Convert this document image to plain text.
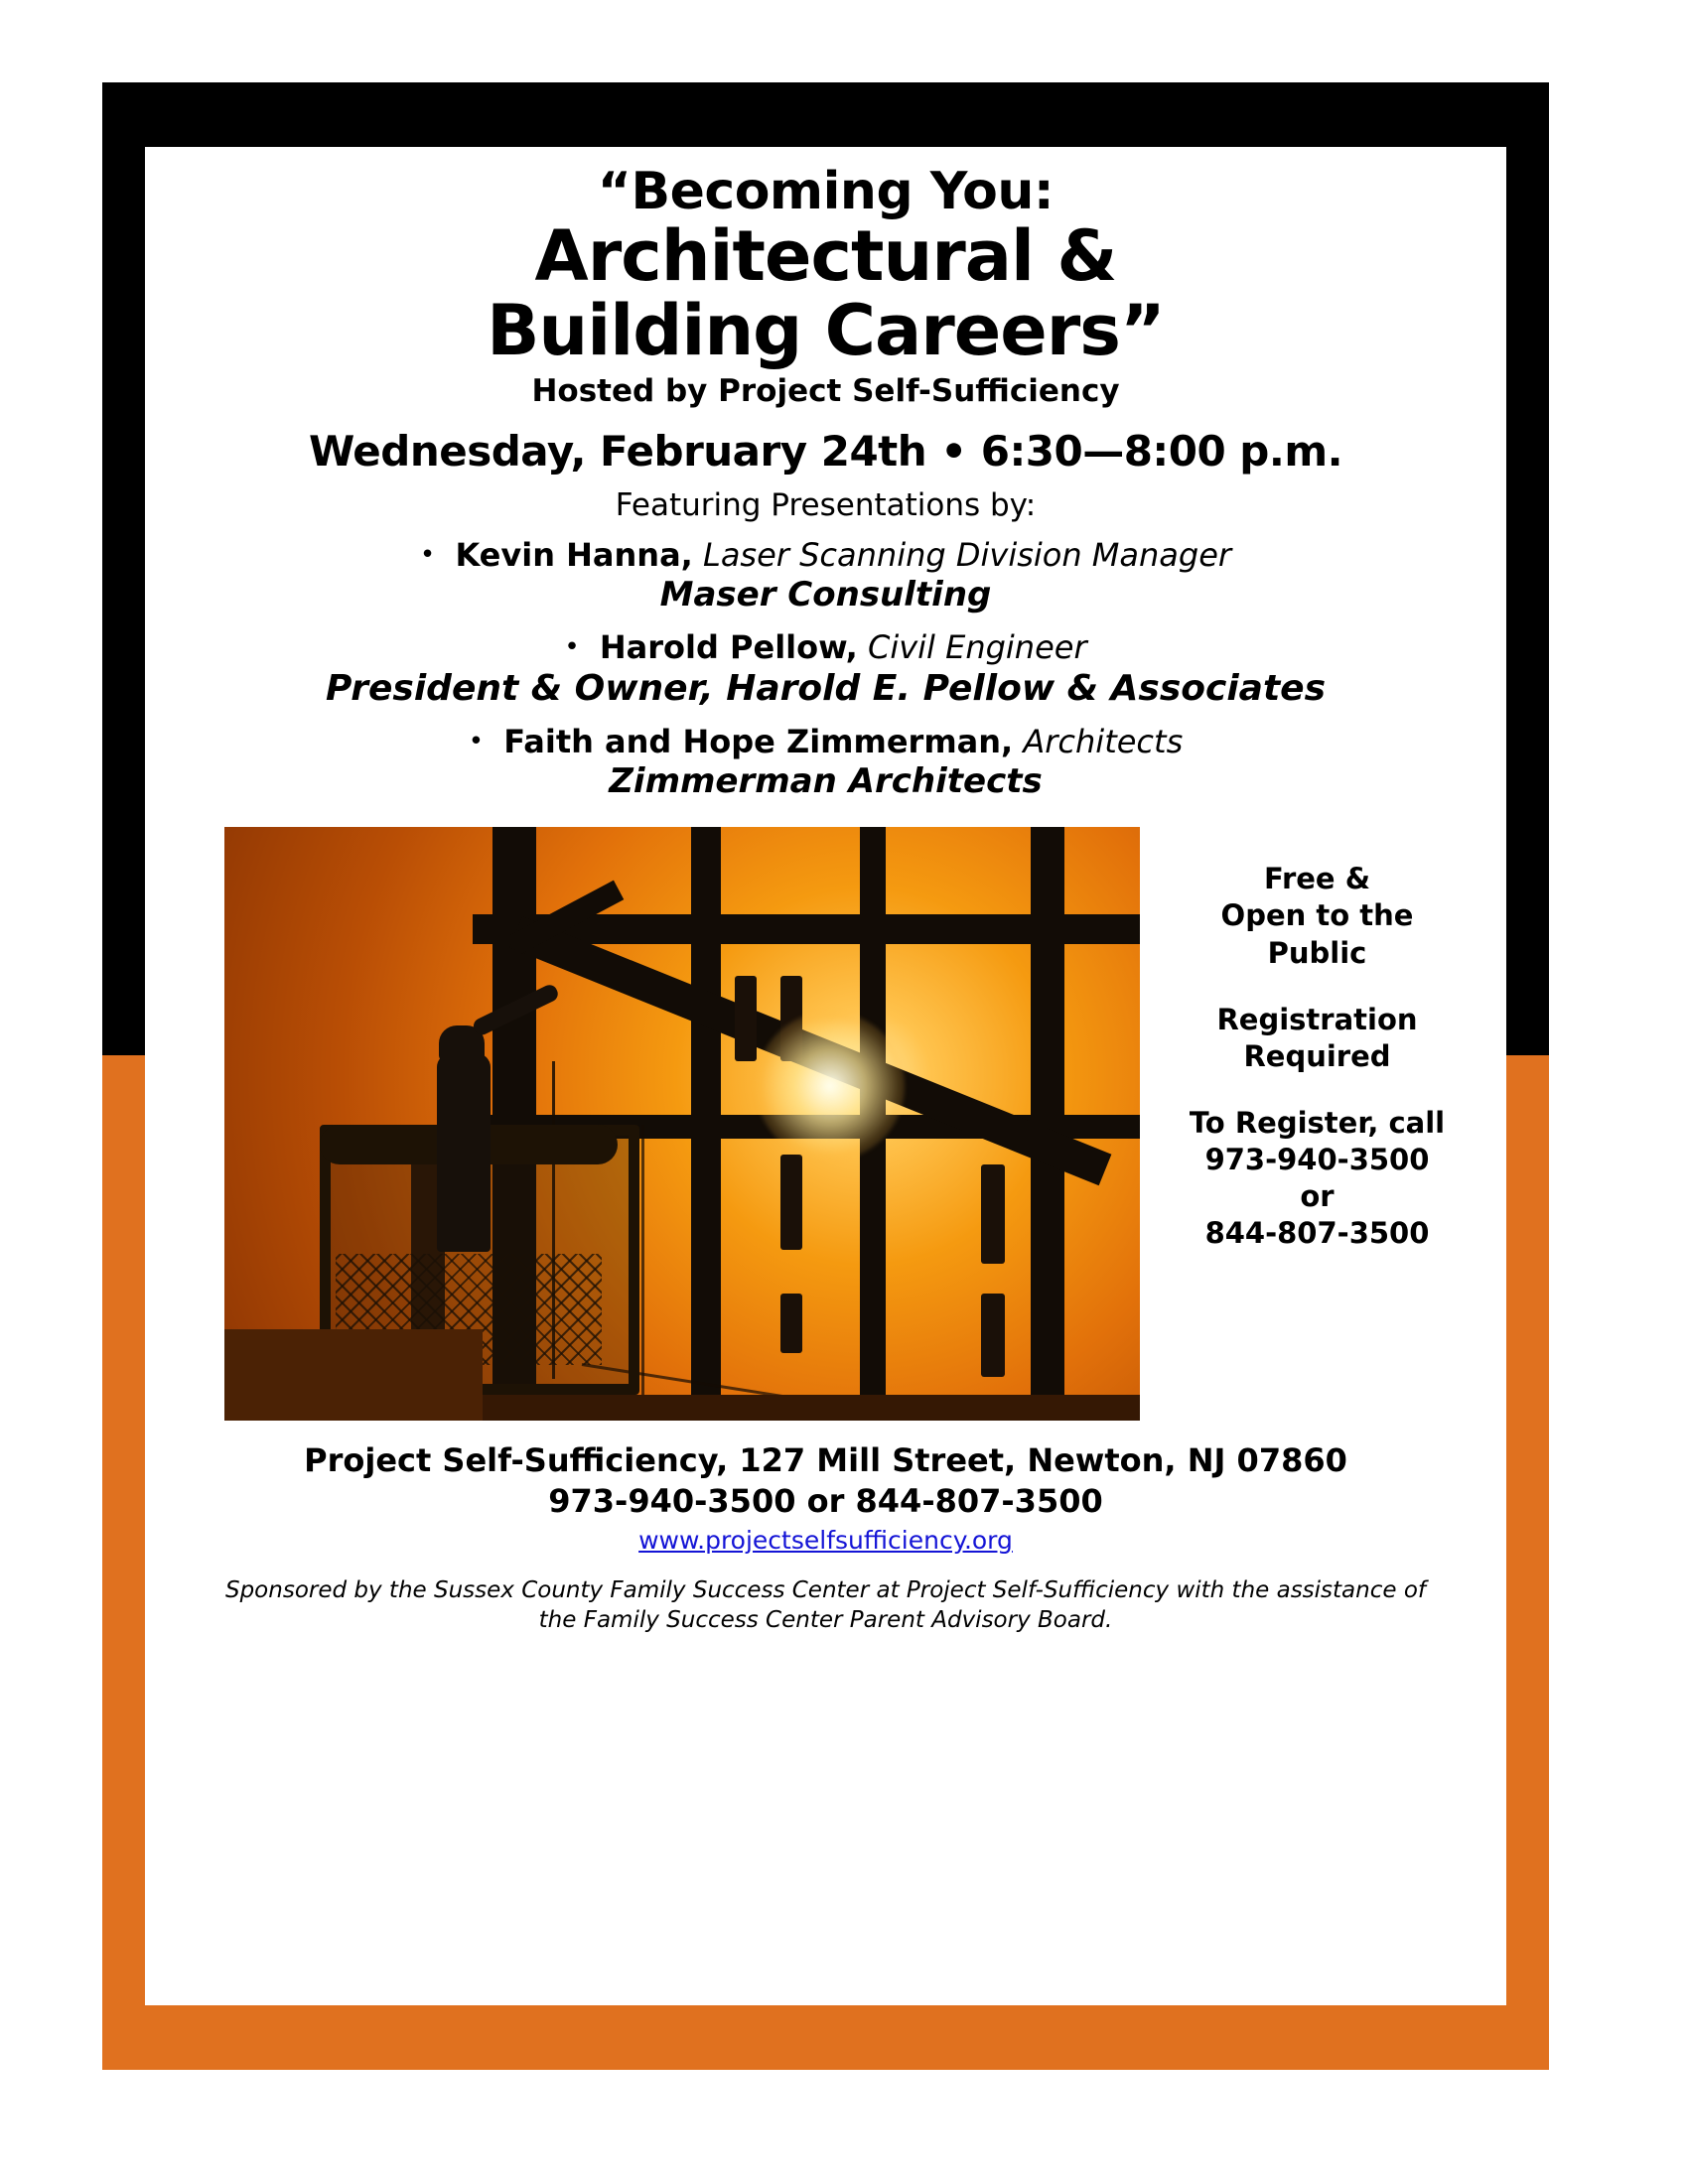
“Becoming You:
Architectural &
Building Careers”
Hosted by Project Self-Sufficiency
Wednesday, February 24th • 6:30—8:00 p.m.
Featuring Presentations by:
• Kevin Hanna, Laser Scanning Division Manager
Maser Consulting
• Harold Pellow, Civil Engineer
President & Owner, Harold E. Pellow & Associates
• Faith and Hope Zimmerman, Architects
Zimmerman Architects
Free &
Open to the
Public
Registration
Required
To Register, call
973-940-3500
or
844-807-3500
Project Self-Sufficiency, 127 Mill Street, Newton, NJ 07860
973-940-3500 or 844-807-3500
www.projectselfsufficiency.org
Sponsored by the Sussex County Family Success Center at Project Self-Sufficiency with the assistance of
the Family Success Center Parent Advisory Board.
